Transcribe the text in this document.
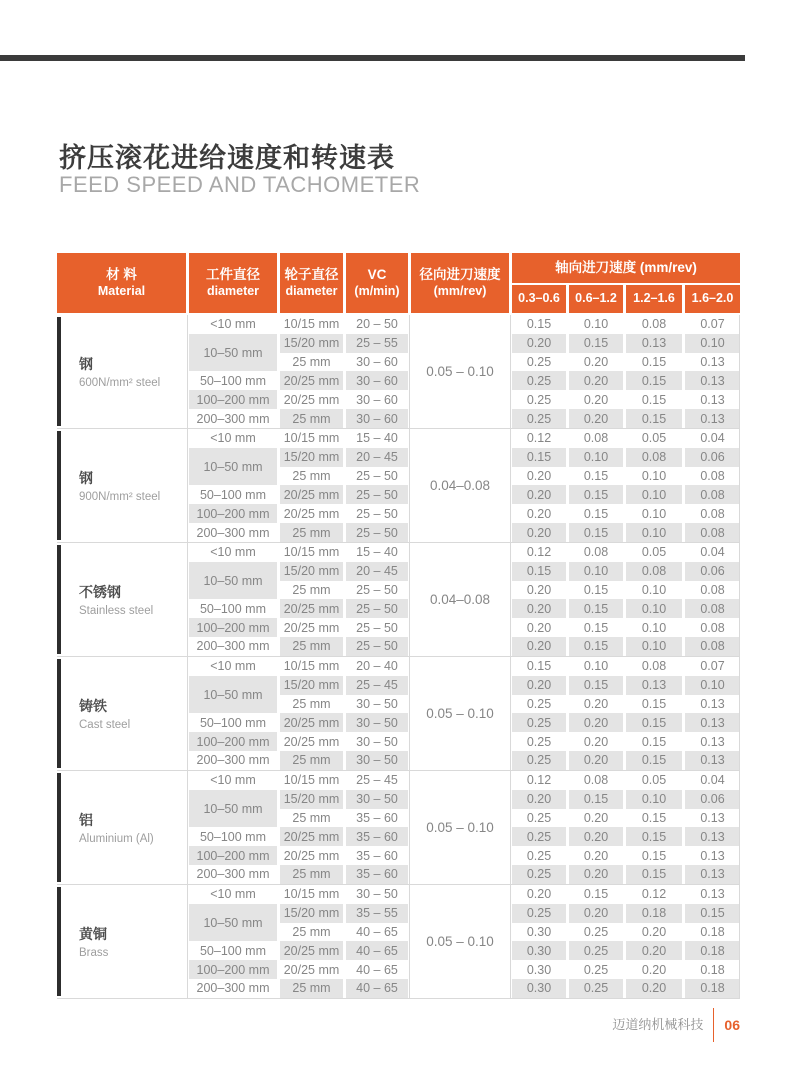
挤压滚花进给速度和转速表
FEED SPEED AND TACHOMETER
材 料
Material
工件直径
diameter
轮子直径
diameter
VC
(m/min)
径向进刀速度
(mm/rev)
轴向进刀速度 (mm/rev)
0.3–0.6	0.6–1.2	1.2–1.6	1.6–2.0
钢
600N/mm² steel
0.05 – 0.10
<10 mm	10/15 mm	20 – 50	0.15	0.10	0.08	0.07
10–50 mm
15/20 mm	25 – 55	0.20	0.15	0.13	0.10
25 mm	30 – 60	0.25	0.20	0.15	0.13
50–100 mm	20/25 mm	30 – 60	0.25	0.20	0.15	0.13
100–200 mm	20/25 mm	30 – 60	0.25	0.20	0.15	0.13
200–300 mm	25 mm	30 – 60	0.25	0.20	0.15	0.13
钢
900N/mm² steel
0.04–0.08
<10 mm	10/15 mm	15 – 40	0.12	0.08	0.05	0.04
10–50 mm
15/20 mm	20 – 45	0.15	0.10	0.08	0.06
25 mm	25 – 50	0.20	0.15	0.10	0.08
50–100 mm	20/25 mm	25 – 50	0.20	0.15	0.10	0.08
100–200 mm	20/25 mm	25 – 50	0.20	0.15	0.10	0.08
200–300 mm	25 mm	25 – 50	0.20	0.15	0.10	0.08
不锈钢
Stainless steel
0.04–0.08
<10 mm	10/15 mm	15 – 40	0.12	0.08	0.05	0.04
10–50 mm
15/20 mm	20 – 45	0.15	0.10	0.08	0.06
25 mm	25 – 50	0.20	0.15	0.10	0.08
50–100 mm	20/25 mm	25 – 50	0.20	0.15	0.10	0.08
100–200 mm	20/25 mm	25 – 50	0.20	0.15	0.10	0.08
200–300 mm	25 mm	25 – 50	0.20	0.15	0.10	0.08
铸铁
Cast steel
0.05 – 0.10
<10 mm	10/15 mm	20 – 40	0.15	0.10	0.08	0.07
10–50 mm
15/20 mm	25 – 45	0.20	0.15	0.13	0.10
25 mm	30 – 50	0.25	0.20	0.15	0.13
50–100 mm	20/25 mm	30 – 50	0.25	0.20	0.15	0.13
100–200 mm	20/25 mm	30 – 50	0.25	0.20	0.15	0.13
200–300 mm	25 mm	30 – 50	0.25	0.20	0.15	0.13
铝
Aluminium (Al)
0.05 – 0.10
<10 mm	10/15 mm	25 – 45	0.12	0.08	0.05	0.04
10–50 mm
15/20 mm	30 – 50	0.20	0.15	0.10	0.06
25 mm	35 – 60	0.25	0.20	0.15	0.13
50–100 mm	20/25 mm	35 – 60	0.25	0.20	0.15	0.13
100–200 mm	20/25 mm	35 – 60	0.25	0.20	0.15	0.13
200–300 mm	25 mm	35 – 60	0.25	0.20	0.15	0.13
黄铜
Brass
0.05 – 0.10
<10 mm	10/15 mm	30 – 50	0.20	0.15	0.12	0.13
10–50 mm
15/20 mm	35 – 55	0.25	0.20	0.18	0.15
25 mm	40 – 65	0.30	0.25	0.20	0.18
50–100 mm	20/25 mm	40 – 65	0.30	0.25	0.20	0.18
100–200 mm	20/25 mm	40 – 65	0.30	0.25	0.20	0.18
200–300 mm	25 mm	40 – 65	0.30	0.25	0.20	0.18
迈道纳机械科技 06
